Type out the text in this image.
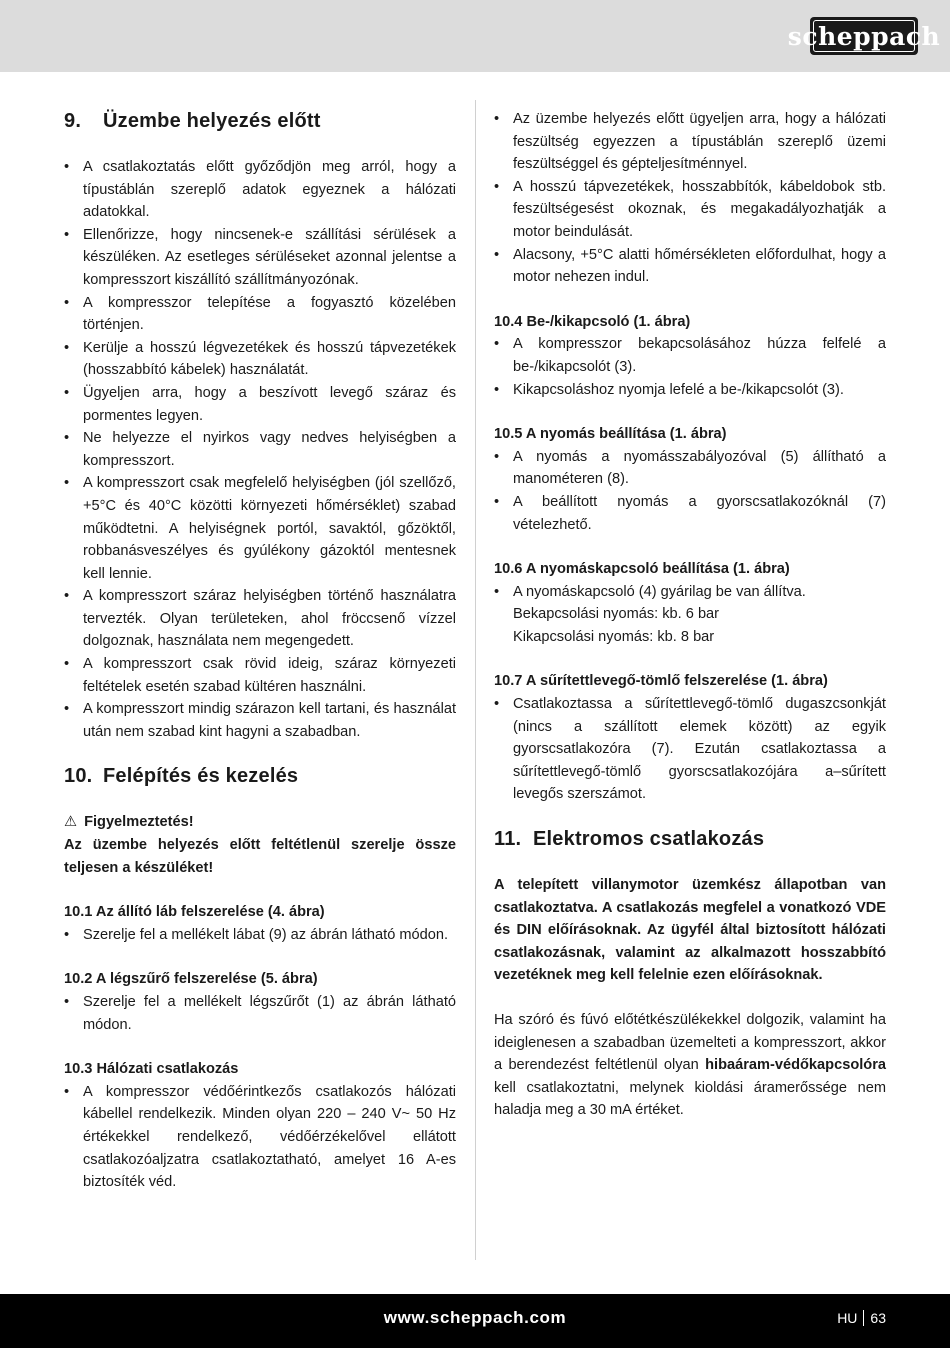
scheppach
9. Üzembe helyezés előtt
• A csatlakoztatás előtt győződjön meg arról, hogy a típustáblán szereplő adatok egyeznek a hálózati adatokkal.
• Ellenőrizze, hogy nincsenek-e szállítási sérülések a készüléken. Az esetleges sérüléseket azonnal jelentse a kompresszort kiszállító szállítmányozónak.
• A kompresszor telepítése a fogyasztó közelében történjen.
• Kerülje a hosszú légvezetékek és hosszú tápvezetékek (hosszabbító kábelek) használatát.
• Ügyeljen arra, hogy a beszívott levegő száraz és pormentes legyen.
• Ne helyezze el nyirkos vagy nedves helyiségben a kompresszort.
• A kompresszort csak megfelelő helyiségben (jól szellőző, +5°C és 40°C közötti környezeti hőmérséklet) szabad működtetni. A helyiségnek portól, savaktól, gőzöktől, robbanásveszélyes és gyúlékony gázoktól mentesnek kell lennie.
• A kompresszort száraz helyiségben történő használatra tervezték. Olyan területeken, ahol fröccsenő vízzel dolgoznak, használata nem megengedett.
• A kompresszort csak rövid ideig, száraz környezeti feltételek esetén szabad kültéren használni.
• A kompresszort mindig szárazon kell tartani, és használat után nem szabad kint hagyni a szabadban.
10. Felépítés és kezelés
⚠ Figyelmeztetés!

Az üzembe helyezés előtt feltétlenül szerelje össze teljesen a készüléket!

10.1 Az állító láb felszerelése (4. ábra)
• Szerelje fel a mellékelt lábat (9) az ábrán látható módon.
10.2 A légszűrő felszerelése (5. ábra)
• Szerelje fel a mellékelt légszűrőt (1) az ábrán látható módon.
10.3 Hálózati csatlakozás
• A kompresszor védőérintkezős csatlakozós hálózati kábellel rendelkezik. Minden olyan 220 – 240 V~ 50 Hz értékekkel rendelkező, védőérzékelővel ellátott csatlakozóaljzatra csatlakoztatható, amelyet 16 A-es biztosíték véd.
• Az üzembe helyezés előtt ügyeljen arra, hogy a hálózati feszültség egyezzen a típustáblán szereplő üzemi feszültséggel és gépteljesítménnyel.
• A hosszú tápvezetékek, hosszabbítók, kábeldobok stb. feszültségesést okoznak, és megakadályozhatják a motor beindulását.
• Alacsony, +5°C alatti hőmérsékleten előfordulhat, hogy a motor nehezen indul.
10.4 Be-/kikapcsoló (1. ábra)
• A kompresszor bekapcsolásához húzza felfelé a be-/kikapcsolót (3).
• Kikapcsoláshoz nyomja lefelé a be-/kikapcsolót (3).
10.5 A nyomás beállítása (1. ábra)
• A nyomás a nyomásszabályozóval (5) állítható a manométeren (8).
• A beállított nyomás a gyorscsatlakozóknál (7) vételezhető.
10.6 A nyomáskapcsoló beállítása (1. ábra)
• A nyomáskapcsoló (4) gyárilag be van állítva.
Bekapcsolási nyomás: kb. 6 bar
Kikapcsolási nyomás: kb. 8 bar
10.7 A sűrítettlevegő-tömlő felszerelése (1. ábra)
• Csatlakoztassa a sűrítettlevegő-tömlő dugaszcsonkját (nincs a szállított elemek között) az egyik gyorscsatlakozóra (7). Ezután csatlakoztassa a sűrítettlevegő-tömlő gyorscsatlakozójára a–sűrített levegős szerszámot.
11. Elektromos csatlakozás

A telepített villanymotor üzemkész állapotban van csatlakoztatva. A csatlakozás megfelel a vonatkozó VDE és DIN előírásoknak. Az ügyfél által biztosított hálózati csatlakozásnak, valamint az alkalmazott hosszabbító vezetéknek meg kell felelnie ezen előírásoknak.

Ha szóró és fúvó előtétkészülékekkel dolgozik, valamint ha ideiglenesen a szabadban üzemelteti a kompresszort, akkor a berendezést feltétlenül olyan hibaáram-védőkapcsolóra kell csatlakoztatni, melynek kioldási áramerőssége nem haladja meg a 30 mA értéket.

www.scheppach.com	HU 63
